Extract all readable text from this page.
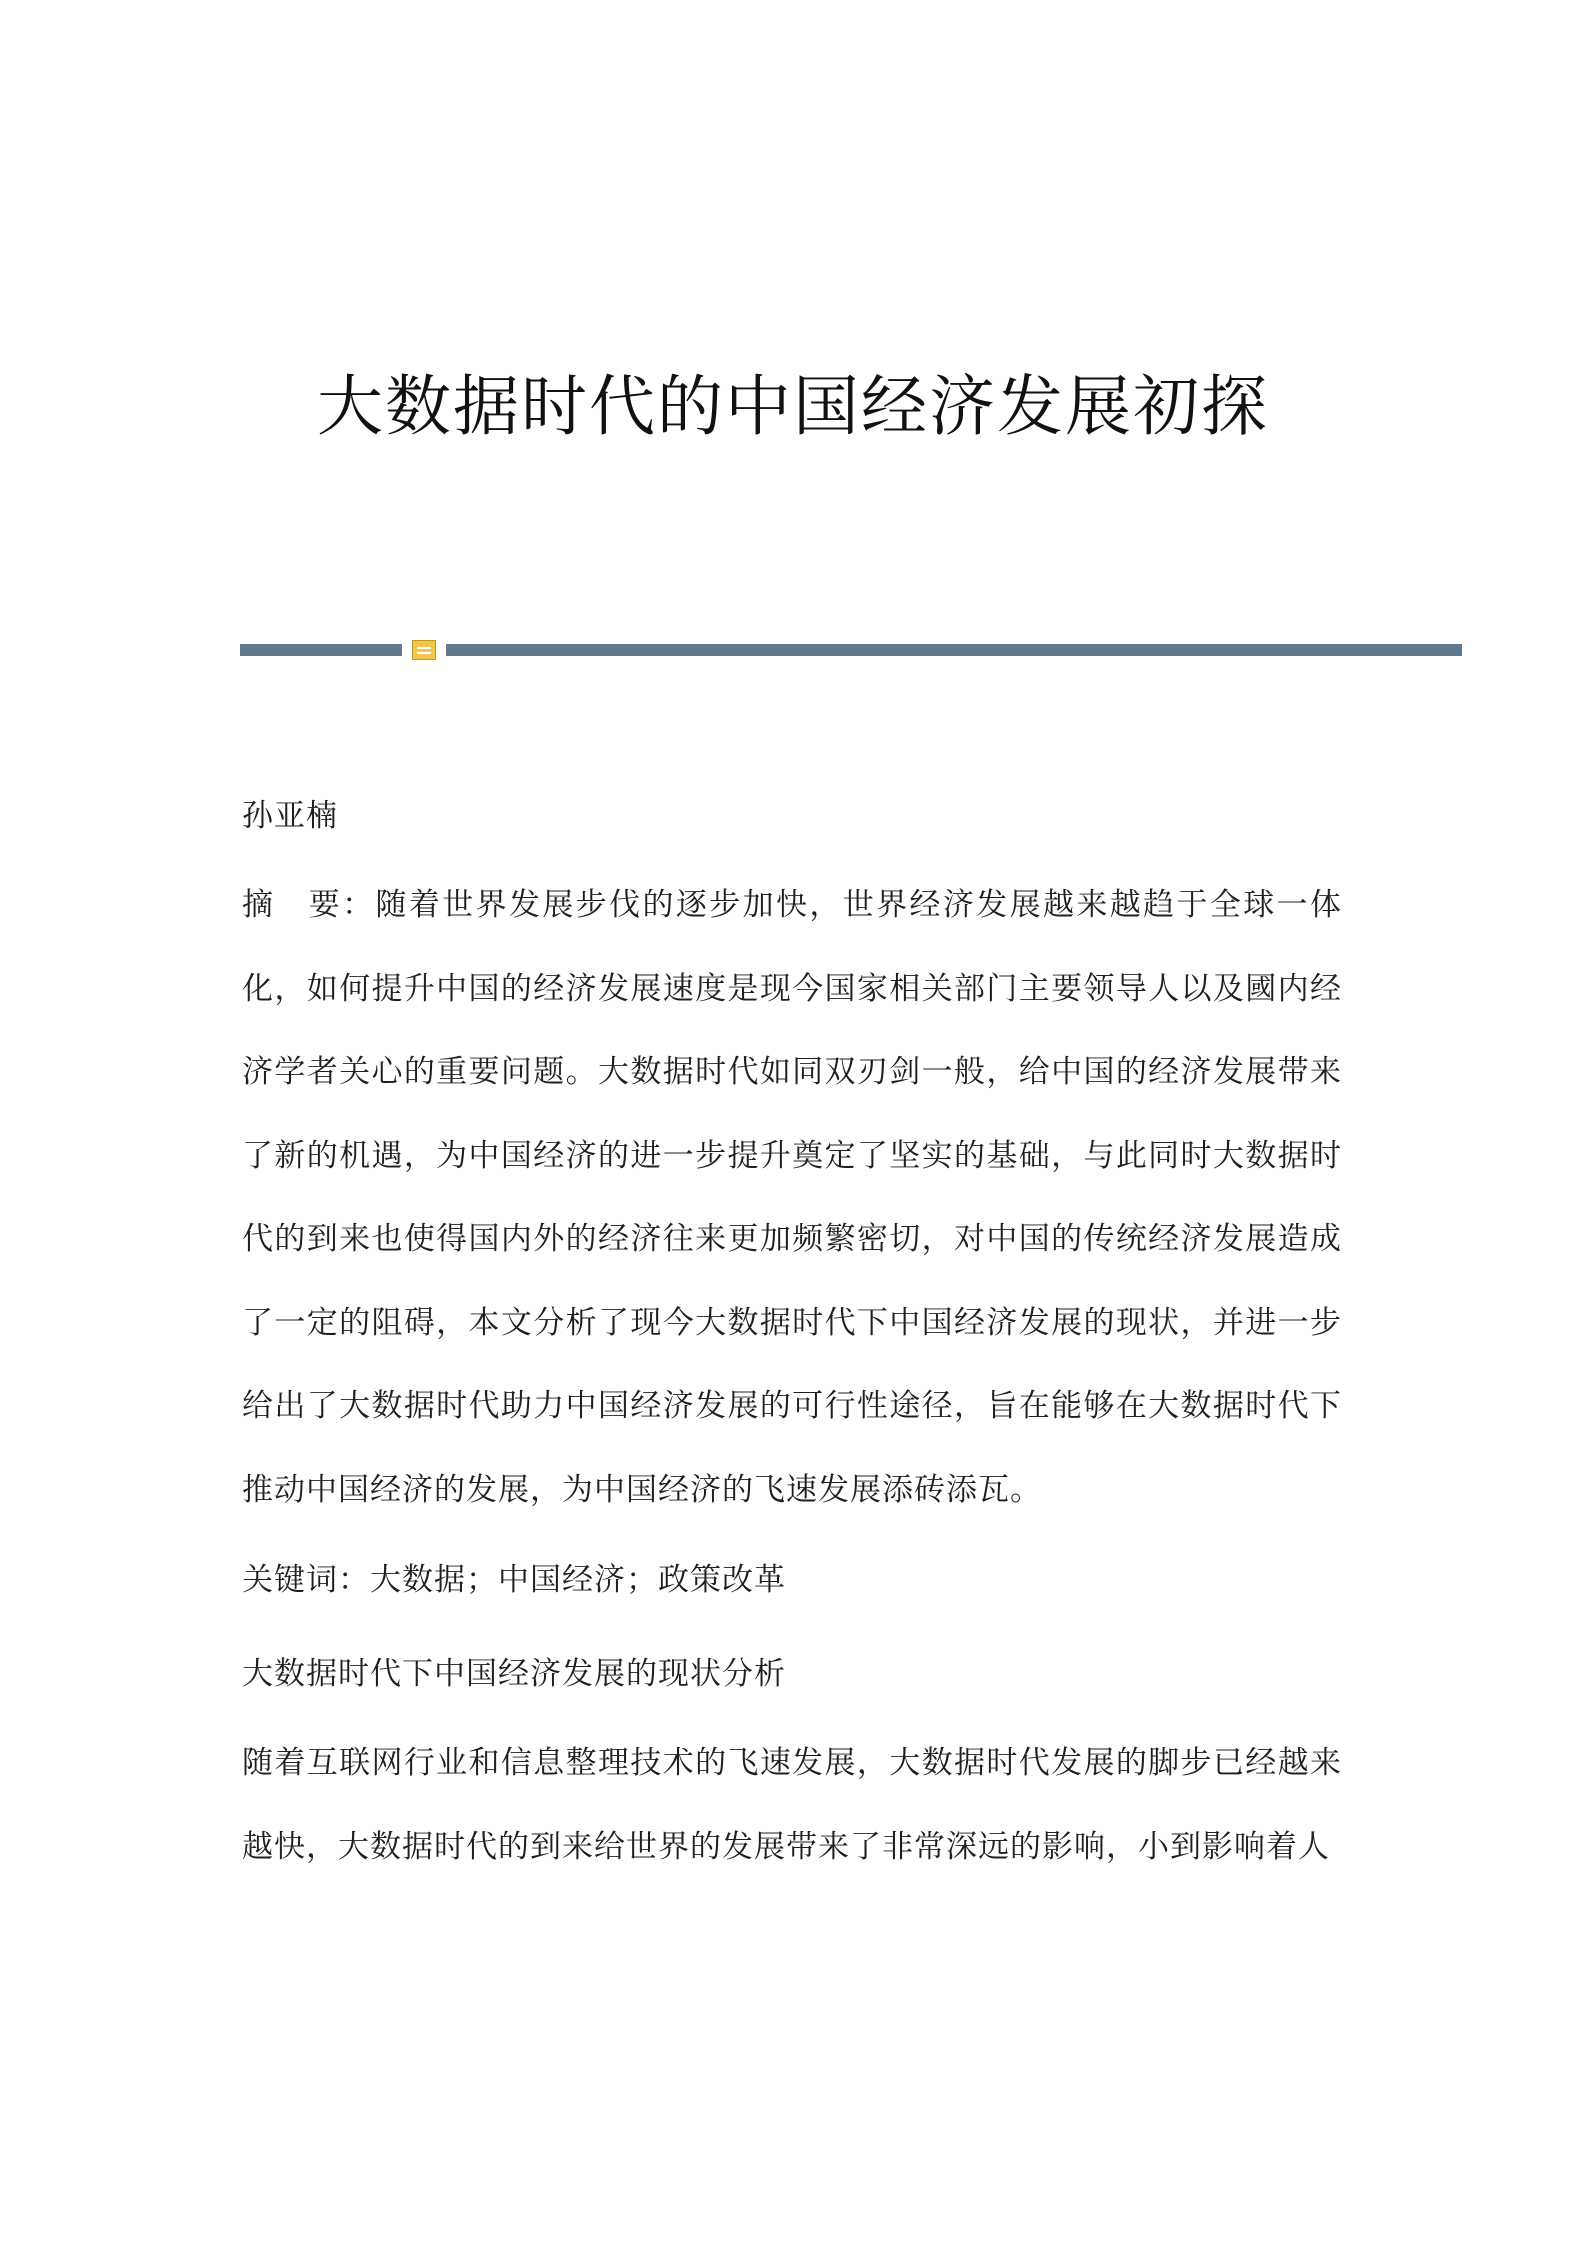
大数据时代的中国经济发展初探

孙亚楠

摘　要：随着世界发展步伐的逐步加快，世界经济发展越来越趋于全球一体化，如何提升中国的经济发展速度是现今国家相关部门主要领导人以及國内经济学者关心的重要问题。大数据时代如同双刃剑一般，给中国的经济发展带来了新的机遇，为中国经济的进一步提升奠定了坚实的基础，与此同时大数据时代的到来也使得国内外的经济往来更加频繁密切，对中国的传统经济发展造成了一定的阻碍，本文分析了现今大数据时代下中国经济发展的现状，并进一步给出了大数据时代助力中国经济发展的可行性途径，旨在能够在大数据时代下推动中国经济的发展，为中国经济的飞速发展添砖添瓦。

关键词：大数据；中国经济；政策改革

大数据时代下中国经济发展的现状分析

随着互联网行业和信息整理技术的飞速发展，大数据时代发展的脚步已经越来越快，大数据时代的到来给世界的发展带来了非常深远的影响，小到影响着人
